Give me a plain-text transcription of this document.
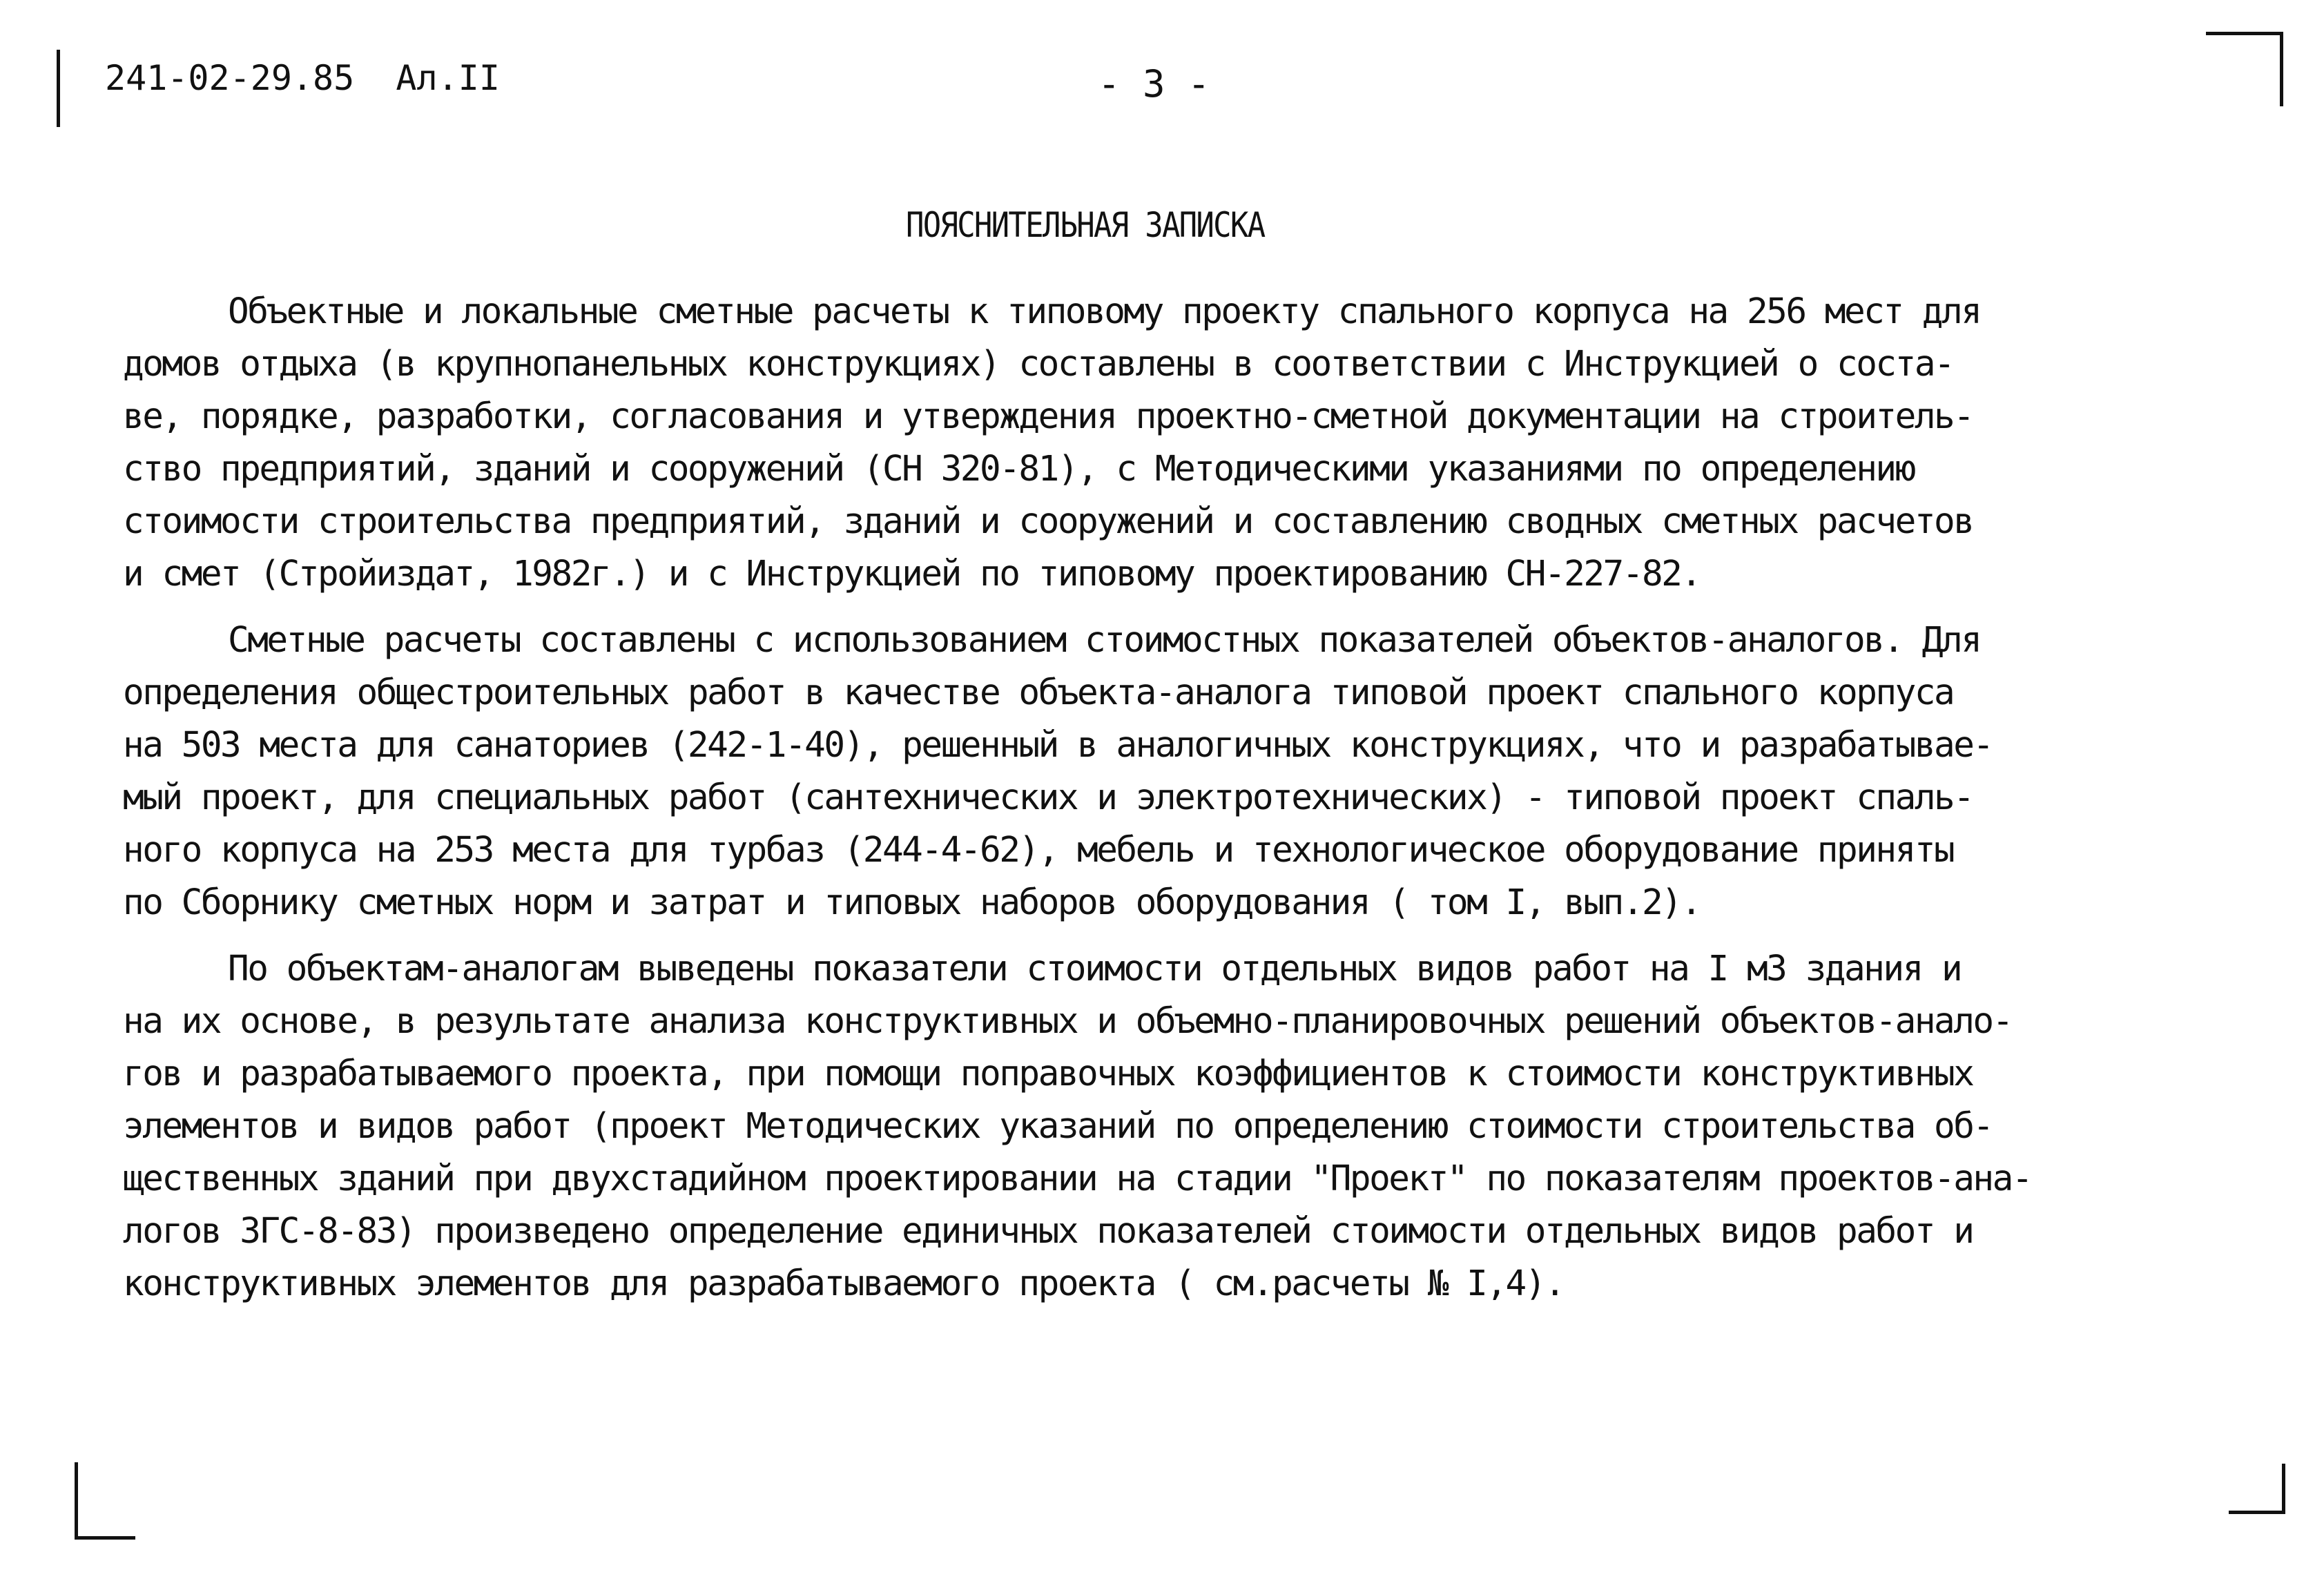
241-02-29.85  Ал.II	- 3 -
ПОЯСНИТЕЛЬНАЯ ЗАПИСКА
Объектные и локальные сметные расчеты к типовому проекту спального корпуса на 256 мест для
домов отдыха (в крупнопанельных конструкциях) составлены в соответствии с Инструкцией о соста-
ве, порядке, разработки, согласования и утверждения проектно-сметной документации на строитель-
ство предприятий, зданий и сооружений (СН 320-81), с Методическими указаниями по определению
стоимости строительства предприятий, зданий и сооружений и составлению сводных сметных расчетов
и смет (Стройиздат, 1982г.) и с Инструкцией по типовому проектированию СН-227-82.
Сметные расчеты составлены с использованием стоимостных показателей объектов-аналогов. Для
определения общестроительных работ в качестве объекта-аналога типовой проект спального корпуса
на 503 места для санаториев (242-1-40), решенный в аналогичных конструкциях, что и разрабатывае-
мый проект, для специальных работ (сантехнических и электротехнических) - типовой проект спаль-
ного корпуса на 253 места для турбаз (244-4-62), мебель и технологическое оборудование приняты
по Сборнику сметных норм и затрат и типовых наборов оборудования ( том I, вып.2).
По объектам-аналогам выведены показатели стоимости отдельных видов работ на I м3 здания и
на их основе, в результате анализа конструктивных и объемно-планировочных решений объектов-анало-
гов и разрабатываемого проекта, при помощи поправочных коэффициентов к стоимости конструктивных
элементов и видов работ (проект Методических указаний по определению стоимости строительства об-
щественных зданий при двухстадийном проектировании на стадии "Проект" по показателям проектов-ана-
логов ЗГС-8-83) произведено определение единичных показателей стоимости отдельных видов работ и
конструктивных элементов для разрабатываемого проекта ( см.расчеты № I,4).
